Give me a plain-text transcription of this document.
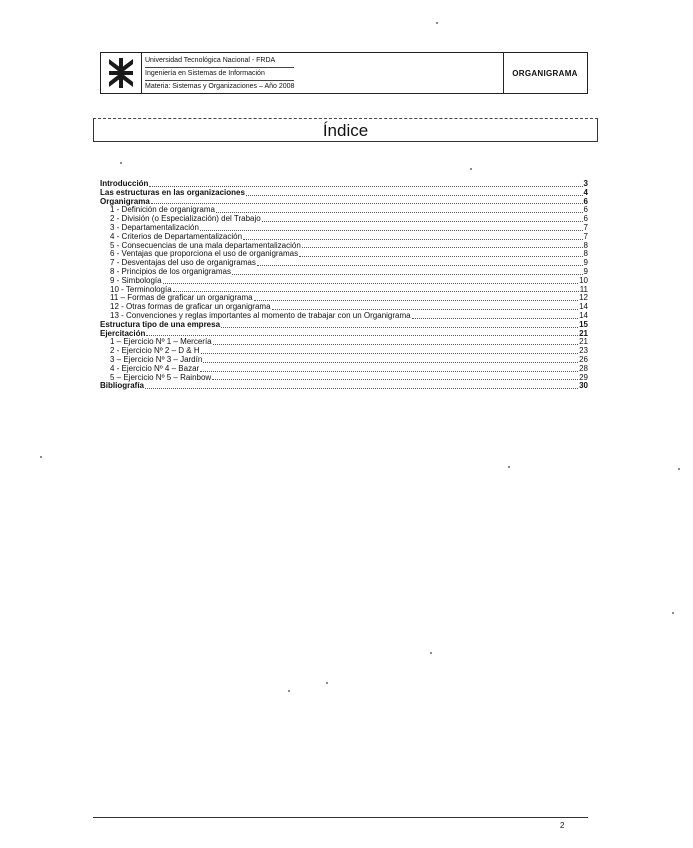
Universidad Tecnológica Nacional - FRDA
Ingeniería en Sistemas de Información
Materia: Sistemas y Organizaciones – Año 2008
ORGANIGRAMA
Índice
Introducción	3
Las estructuras en las organizaciones	4
Organigrama	6
1 - Definición de organigrama	6
2 - División (o Especialización) del Trabajo	6
3 - Departamentalización	7
4 - Criterios de Departamentalización	7
5 - Consecuencias de una mala departamentalización	8
6 - Ventajas que proporciona el uso de organigramas	8
7 - Desventajas del uso de organigramas	9
8 - Principios de los organigramas	9
9 - Simbología	10
10 - Terminología	11
11 – Formas de graficar un organigrama	12
12 - Otras formas de graficar un organigrama	14
13 - Convenciones y reglas importantes al momento de trabajar con un Organigrama	14
Estructura tipo de una empresa	15
Ejercitación	21
1 – Ejercicio Nº 1 – Mercería	21
2 - Ejercicio Nº 2 – D & H	23
3 – Ejercicio Nº 3 – Jardín	26
4 - Ejercicio Nº 4 – Bazar	28
5 – Ejercicio Nº 5 – Rainbow	29
Bibliografía	30
2
